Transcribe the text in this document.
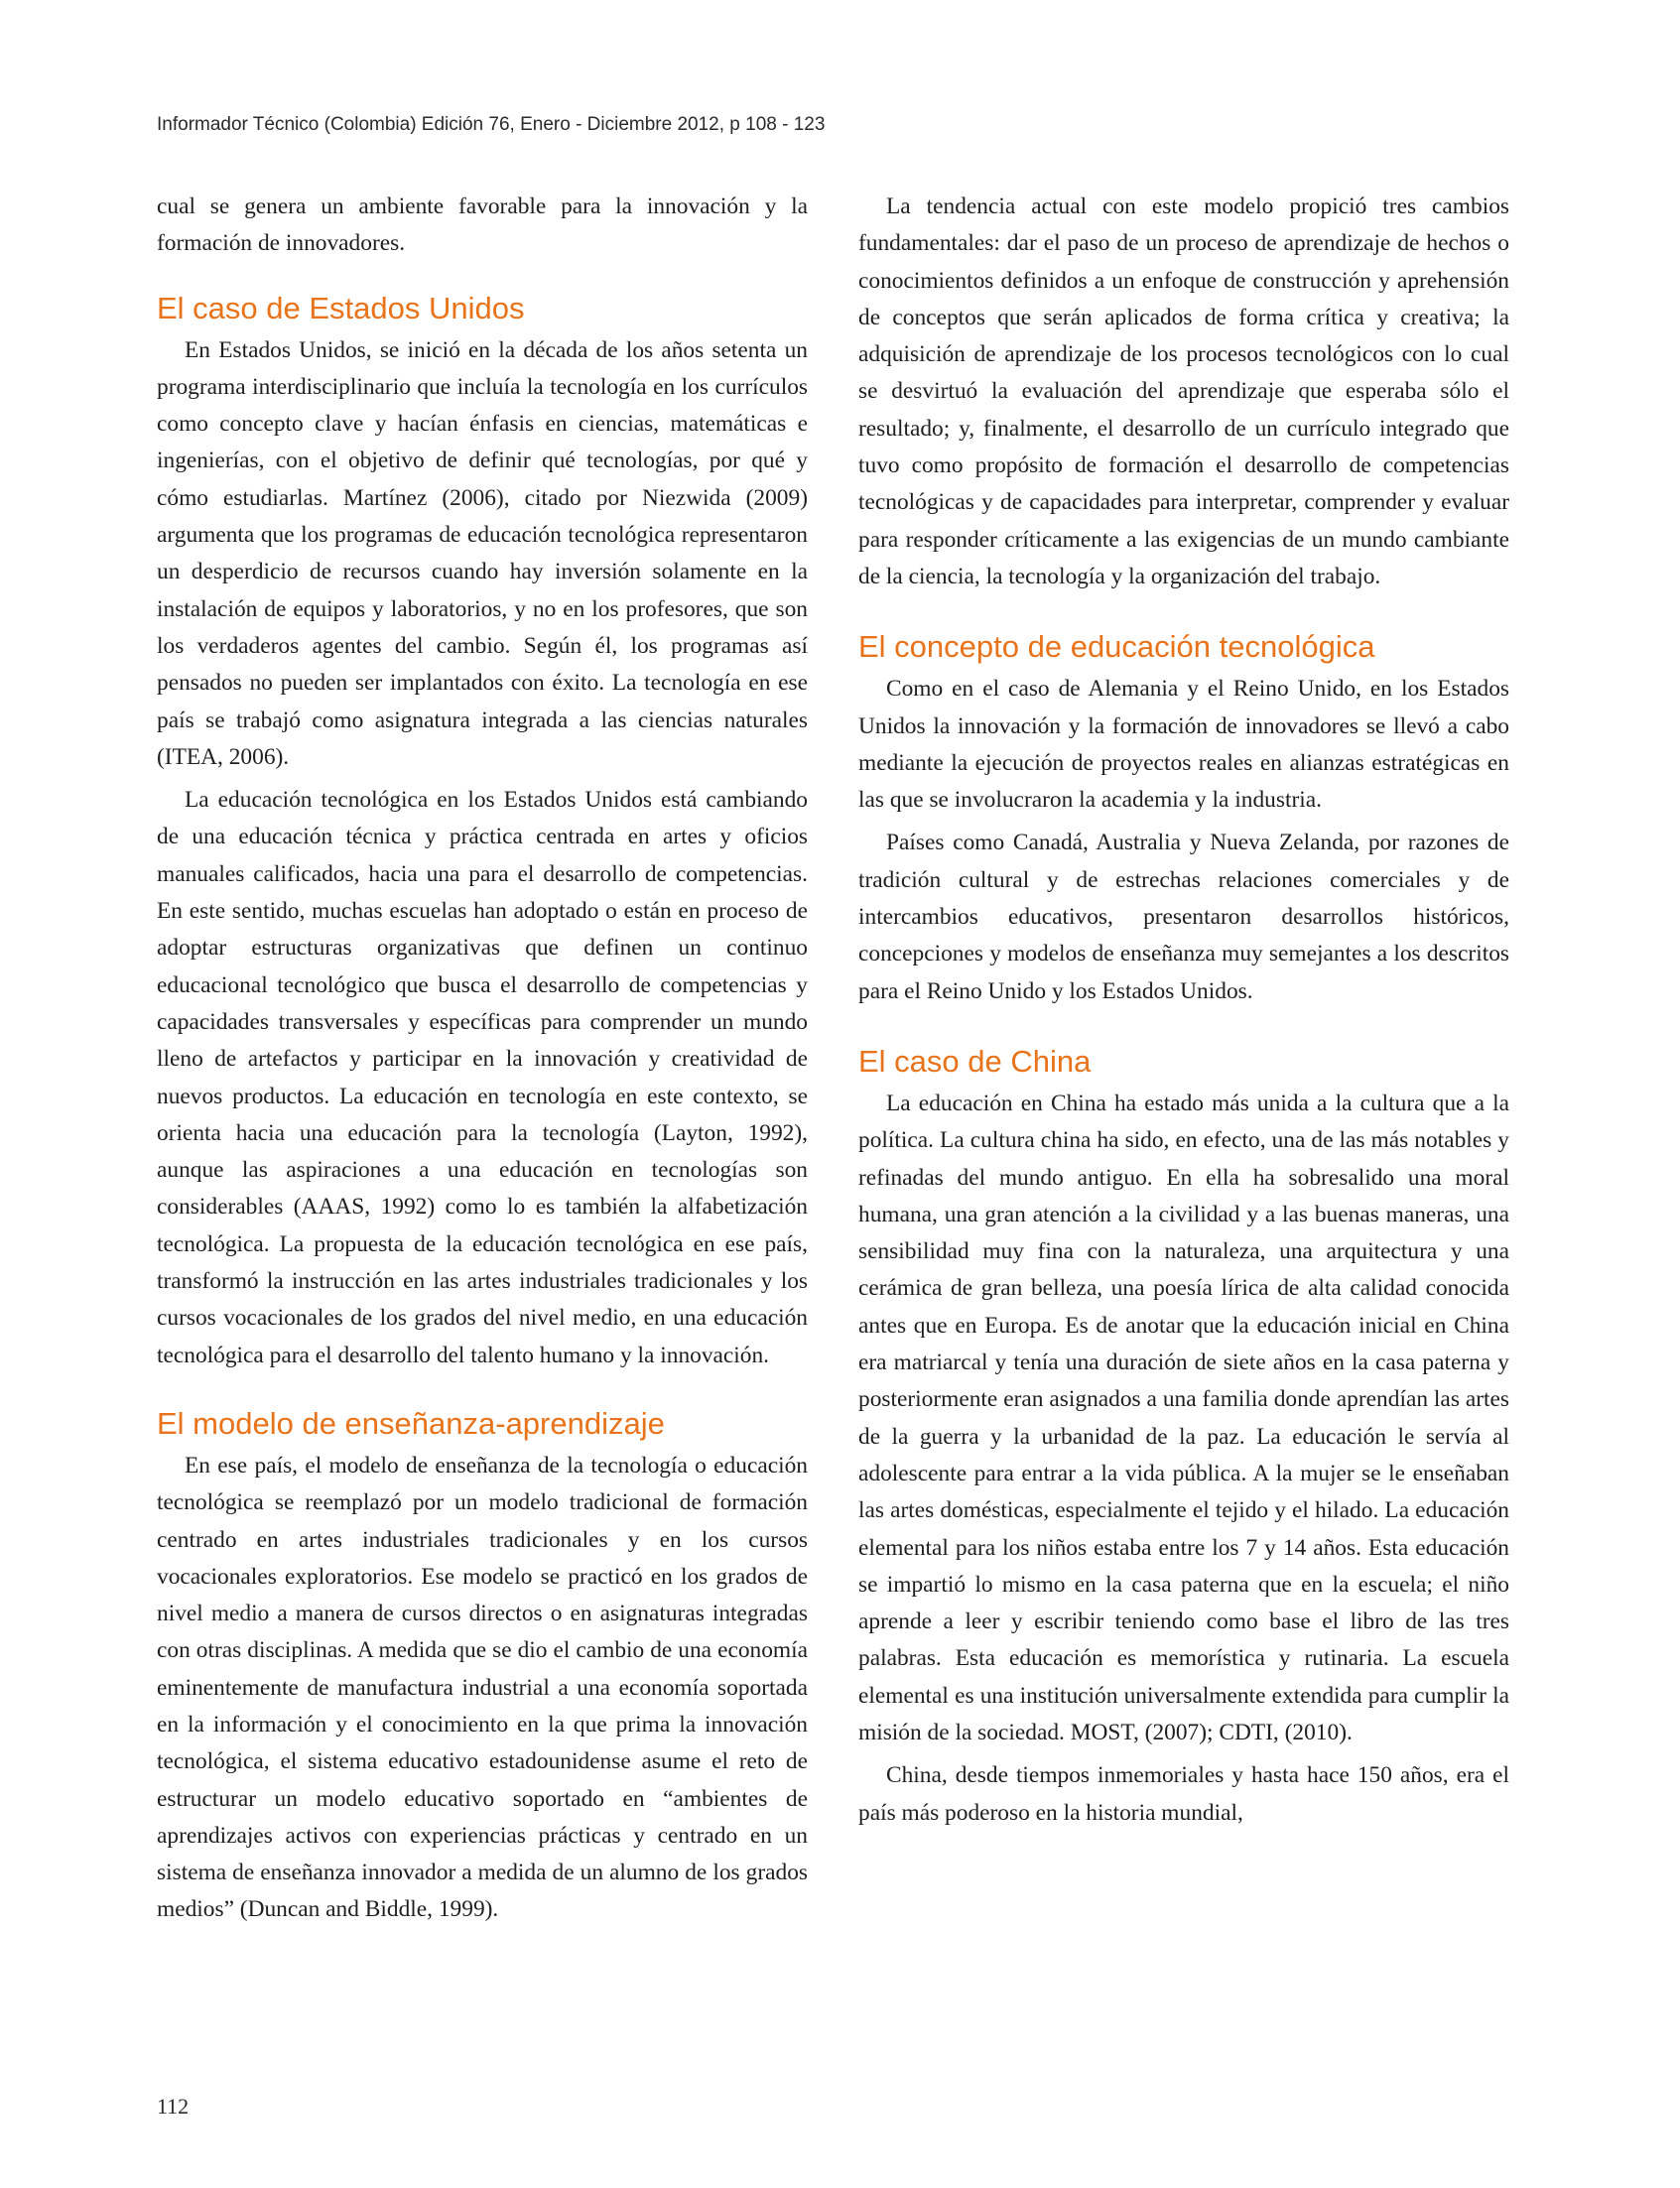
Informador Técnico (Colombia) Edición 76, Enero - Diciembre 2012, p 108 - 123

cual se genera un ambiente favorable para la innovación y la formación de innovadores.

El caso de Estados Unidos

En Estados Unidos, se inició en la década de los años setenta un programa interdisciplinario que incluía la tecnología en los currículos como concepto clave y hacían énfasis en ciencias, matemáticas e ingenierías, con el objetivo de definir qué tecnologías, por qué y cómo estudiarlas. Martínez (2006), citado por Niezwida (2009) argumenta que los programas de educación tecnológica representaron un desperdicio de recursos cuando hay inversión solamente en la instalación de equipos y laboratorios, y no en los profesores, que son los verdaderos agentes del cambio. Según él, los programas así pensados no pueden ser implantados con éxito. La tecnología en ese país se trabajó como asignatura integrada a las ciencias naturales (ITEA, 2006).

La educación tecnológica en los Estados Unidos está cambiando de una educación técnica y práctica centrada en artes y oficios manuales calificados, hacia una para el desarrollo de competencias. En este sentido, muchas escuelas han adoptado o están en proceso de adoptar estructuras organizativas que definen un continuo educacional tecnológico que busca el desarrollo de competencias y capacidades transversales y específicas para comprender un mundo lleno de artefactos y participar en la innovación y creatividad de nuevos productos. La educación en tecnología en este contexto, se orienta hacia una educación para la tecnología (Layton, 1992), aunque las aspiraciones a una educación en tecnologías son considerables (AAAS, 1992) como lo es también la alfabetización tecnológica. La propuesta de la educación tecnológica en ese país, transformó la instrucción en las artes industriales tradicionales y los cursos vocacionales de los grados del nivel medio, en una educación tecnológica para el desarrollo del talento humano y la innovación.

El modelo de enseñanza-aprendizaje

En ese país, el modelo de enseñanza de la tecnología o educación tecnológica se reemplazó por un modelo tradicional de formación centrado en artes industriales tradicionales y en los cursos vocacionales exploratorios. Ese modelo se practicó en los grados de nivel medio a manera de cursos directos o en asignaturas integradas con otras disciplinas. A medida que se dio el cambio de una economía eminentemente de manufactura industrial a una economía soportada en la información y el conocimiento en la que prima la innovación tecnológica, el sistema educativo estadounidense asume el reto de estructurar un modelo educativo soportado en “ambientes de aprendizajes activos con experiencias prácticas y centrado en un sistema de enseñanza innovador a medida de un alumno de los grados medios” (Duncan and Biddle, 1999).

La tendencia actual con este modelo propició tres cambios fundamentales: dar el paso de un proceso de aprendizaje de hechos o conocimientos definidos a un enfoque de construcción y aprehensión de conceptos que serán aplicados de forma crítica y creativa; la adquisición de aprendizaje de los procesos tecnológicos con lo cual se desvirtuó la evaluación del aprendizaje que esperaba sólo el resultado; y, finalmente, el desarrollo de un currículo integrado que tuvo como propósito de formación el desarrollo de competencias tecnológicas y de capacidades para interpretar, comprender y evaluar para responder críticamente a las exigencias de un mundo cambiante de la ciencia, la tecnología y la organización del trabajo.

El concepto de educación tecnológica

Como en el caso de Alemania y el Reino Unido, en los Estados Unidos la innovación y la formación de innovadores se llevó a cabo mediante la ejecución de proyectos reales en alianzas estratégicas en las que se involucraron la academia y la industria.

Países como Canadá, Australia y Nueva Zelanda, por razones de tradición cultural y de estrechas relaciones comerciales y de intercambios educativos, presentaron desarrollos históricos, concepciones y modelos de enseñanza muy semejantes a los descritos para el Reino Unido y los Estados Unidos.

El caso de China

La educación en China ha estado más unida a la cultura que a la política. La cultura china ha sido, en efecto, una de las más notables y refinadas del mundo antiguo. En ella ha sobresalido una moral humana, una gran atención a la civilidad y a las buenas maneras, una sensibilidad muy fina con la naturaleza, una arquitectura y una cerámica de gran belleza, una poesía lírica de alta calidad conocida antes que en Europa. Es de anotar que la educación inicial en China era matriarcal y tenía una duración de siete años en la casa paterna y posteriormente eran asignados a una familia donde aprendían las artes de la guerra y la urbanidad de la paz. La educación le servía al adolescente para entrar a la vida pública. A la mujer se le enseñaban las artes domésticas, especialmente el tejido y el hilado. La educación elemental para los niños estaba entre los 7 y 14 años. Esta educación se impartió lo mismo en la casa paterna que en la escuela; el niño aprende a leer y escribir teniendo como base el libro de las tres palabras. Esta educación es memorística y rutinaria. La escuela elemental es una institución universalmente extendida para cumplir la misión de la sociedad. MOST, (2007); CDTI, (2010).

China, desde tiempos inmemoriales y hasta hace 150 años, era el país más poderoso en la historia mundial,

112
